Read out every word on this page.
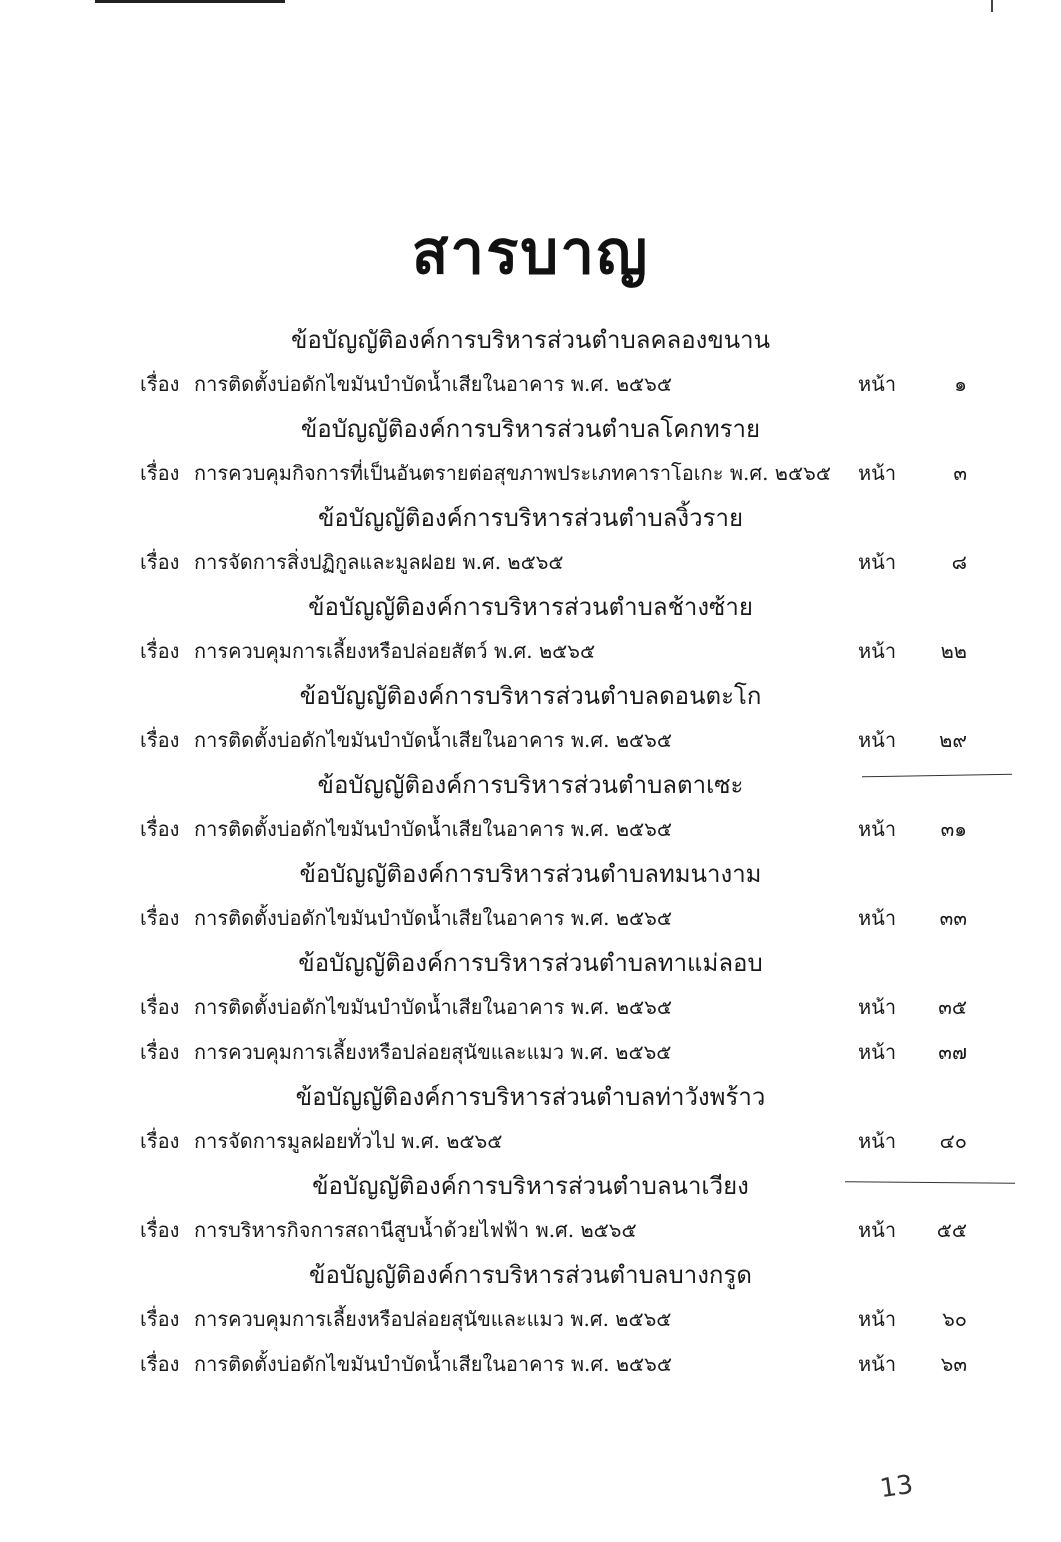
สารบาญ
ข้อบัญญัติองค์การบริหารส่วนตำบลคลองขนาน
เรื่อง การติดตั้งบ่อดักไขมันบำบัดน้ำเสียในอาคาร พ.ศ. ๒๕๖๕	หน้า	๑
ข้อบัญญัติองค์การบริหารส่วนตำบลโคกทราย
เรื่อง การควบคุมกิจการที่เป็นอันตรายต่อสุขภาพประเภทคาราโอเกะ พ.ศ. ๒๕๖๕ หน้า	๓
ข้อบัญญัติองค์การบริหารส่วนตำบลงิ้วราย
เรื่อง การจัดการสิ่งปฏิกูลและมูลฝอย พ.ศ. ๒๕๖๕	หน้า	๘
ข้อบัญญัติองค์การบริหารส่วนตำบลช้างซ้าย
เรื่อง การควบคุมการเลี้ยงหรือปล่อยสัตว์ พ.ศ. ๒๕๖๕	หน้า ๒๒
ข้อบัญญัติองค์การบริหารส่วนตำบลดอนตะโก
เรื่อง การติดตั้งบ่อดักไขมันบำบัดน้ำเสียในอาคาร พ.ศ. ๒๕๖๕	หน้า ๒๙
ข้อบัญญัติองค์การบริหารส่วนตำบลตาเซะ
เรื่อง การติดตั้งบ่อดักไขมันบำบัดน้ำเสียในอาคาร พ.ศ. ๒๕๖๕	หน้า ๓๑
ข้อบัญญัติองค์การบริหารส่วนตำบลทมนางาม
เรื่อง การติดตั้งบ่อดักไขมันบำบัดน้ำเสียในอาคาร พ.ศ. ๒๕๖๕	หน้า ๓๓
ข้อบัญญัติองค์การบริหารส่วนตำบลทาแม่ลอบ
เรื่อง การติดตั้งบ่อดักไขมันบำบัดน้ำเสียในอาคาร พ.ศ. ๒๕๖๕	หน้า ๓๕
เรื่อง การควบคุมการเลี้ยงหรือปล่อยสุนัขและแมว พ.ศ. ๒๕๖๕	หน้า ๓๗
ข้อบัญญัติองค์การบริหารส่วนตำบลท่าวังพร้าว
เรื่อง การจัดการมูลฝอยทั่วไป พ.ศ. ๒๕๖๕	หน้า ๔๐
ข้อบัญญัติองค์การบริหารส่วนตำบลนาเวียง
เรื่อง การบริหารกิจการสถานีสูบน้ำด้วยไฟฟ้า พ.ศ. ๒๕๖๕	หน้า ๕๕
ข้อบัญญัติองค์การบริหารส่วนตำบลบางกรูด
เรื่อง การควบคุมการเลี้ยงหรือปล่อยสุนัขและแมว พ.ศ. ๒๕๖๕	หน้า ๖๐
เรื่อง การติดตั้งบ่อดักไขมันบำบัดน้ำเสียในอาคาร พ.ศ. ๒๕๖๕	หน้า ๖๓
13
